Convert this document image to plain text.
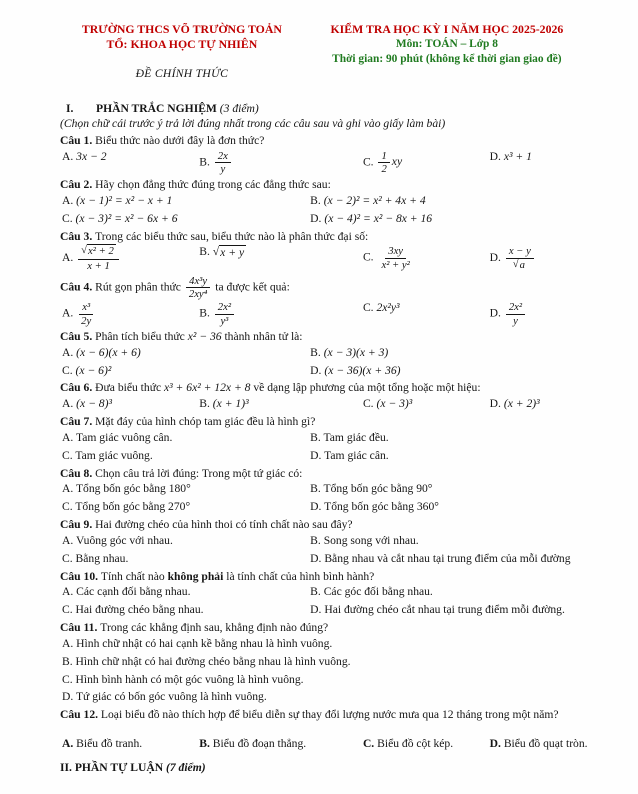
TRƯỜNG THCS VÕ TRƯỜNG TOẢN
TỔ: KHOA HỌC TỰ NHIÊN
ĐỀ CHÍNH THỨC
KIỂM TRA HỌC KỲ I NĂM HỌC 2025-2026
Môn: TOÁN – Lớp 8
Thời gian: 90 phút (không kể thời gian giao đề)
I. PHẦN TRẮC NGHIỆM (3 điểm)
(Chọn chữ cái trước ý trả lời đúng nhất trong các câu sau và ghi vào giấy làm bài)
Câu 1. Biểu thức nào dưới đây là đơn thức?
A. 3x − 2	B. $\frac{2x}{y}$	C. $\frac{1}{2}$ xy	D. x³ + 1
Câu 2. Hãy chọn đẳng thức đúng trong các đẳng thức sau:
A. (x − 1)² = x² − x + 1	B. (x − 2)² = x² + 4x + 4
C. (x − 3)² = x² − 6x + 6	D. (x − 4)² = x² − 8x + 16
Câu 3. Trong các biểu thức sau, biểu thức nào là phân thức đại số:
A. $\frac{\text{√ x² + 2}}{x + 1}$	B. √ x + y	C. $\frac{3xy}{\text{x² + y²}}$	D. $\frac{x - y}{√ a}$
Câu 4. Rút gọn phân thức $\frac{\text{4x³y}}{\text{2xy⁴}}$ ta được kết quả:
A. $\frac{\text{x³}}{2y}$	B. $\frac{\text{2x²}}{\text{y³}}$	C. 2x²y³	D. $\frac{\text{2x²}}{y}$
Câu 5. Phân tích biểu thức x² − 36 thành nhân tử là:
A. (x − 6)(x + 6)	B. (x − 3)(x + 3)
C. (x − 6)²	D. (x − 36)(x + 36)
Câu 6. Đưa biểu thức x³ + 6x² + 12x + 8 về dạng lập phương của một tổng hoặc một hiệu:
A. (x − 8)³	B. (x + 1)³	C. (x − 3)³	D. (x + 2)³
Câu 7. Mặt đáy của hình chóp tam giác đều là hình gì?
A. Tam giác vuông cân.	B. Tam giác đều.
C. Tam giác vuông.	D. Tam giác cân.
Câu 8. Chọn câu trả lời đúng: Trong một tứ giác có:
A. Tổng bốn góc bằng 180°	B. Tổng bốn góc bằng 90°
C. Tổng bốn góc bằng 270°	D. Tổng bốn góc bằng 360°
Câu 9. Hai đường chéo của hình thoi có tính chất nào sau đây?
A. Vuông góc với nhau.	B. Song song với nhau.
C. Bằng nhau.	D. Bằng nhau và cắt nhau tại trung điểm của mỗi đường
Câu 10. Tính chất nào không phải là tính chất của hình bình hành?
A. Các cạnh đối bằng nhau.	B. Các góc đối bằng nhau.
C. Hai đường chéo bằng nhau.	D. Hai đường chéo cắt nhau tại trung điểm mỗi đường.
Câu 11. Trong các khẳng định sau, khẳng định nào đúng?
A. Hình chữ nhật có hai cạnh kề bằng nhau là hình vuông.
B. Hình chữ nhật có hai đường chéo bằng nhau là hình vuông.
C. Hình bình hành có một góc vuông là hình vuông.
D. Tứ giác có bốn góc vuông là hình vuông.
Câu 12. Loại biểu đồ nào thích hợp để biểu diễn sự thay đổi lượng nước mưa qua 12 tháng trong một năm?
A. Biểu đồ tranh.	B. Biểu đồ đoạn thẳng.	C. Biểu đồ cột kép.	D. Biểu đồ quạt tròn.
II. PHẦN TỰ LUẬN (7 điểm)
